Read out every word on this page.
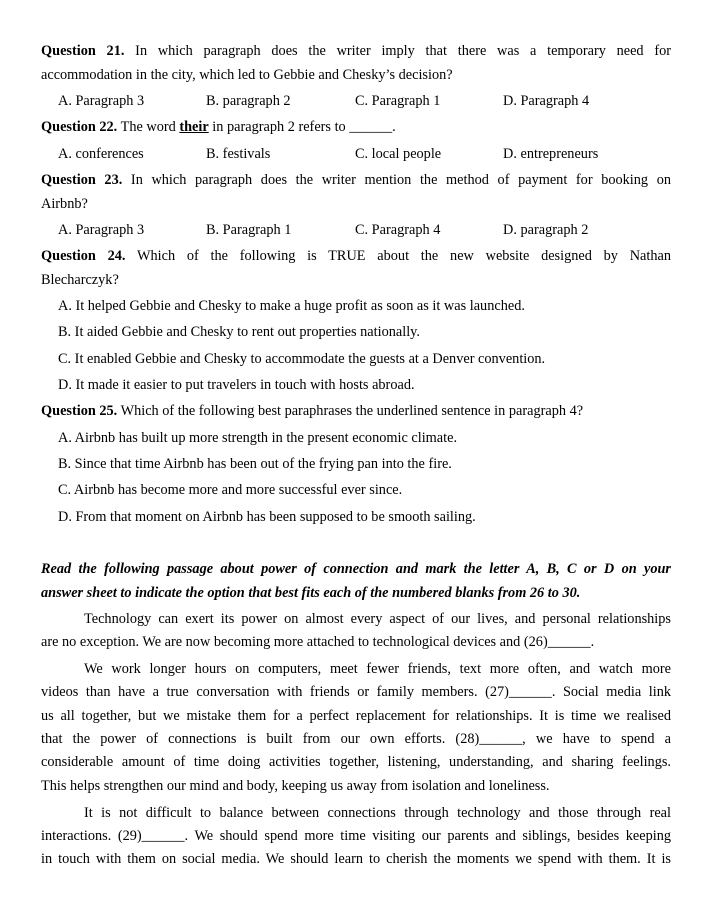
Question 21. In which paragraph does the writer imply that there was a temporary need for
accommodation in the city, which led to Gebbie and Chesky’s decision?
A. Paragraph 3	B. paragraph 2	C. Paragraph 1	D. Paragraph 4
Question 22. The word their in paragraph 2 refers to ______.
A. conferences	B. festivals	C. local people	D. entrepreneurs
Question 23. In which paragraph does the writer mention the method of payment for booking on
Airbnb?
A. Paragraph 3	B. Paragraph 1	C. Paragraph 4	D. paragraph 2
Question 24. Which of the following is TRUE about the new website designed by Nathan
Blecharczyk?
A. It helped Gebbie and Chesky to make a huge profit as soon as it was launched.
B. It aided Gebbie and Chesky to rent out properties nationally.
C. It enabled Gebbie and Chesky to accommodate the guests at a Denver convention.
D. It made it easier to put travelers in touch with hosts abroad.
Question 25. Which of the following best paraphrases the underlined sentence in paragraph 4?
A. Airbnb has built up more strength in the present economic climate.
B. Since that time Airbnb has been out of the frying pan into the fire.
C. Airbnb has become more and more successful ever since.
D. From that moment on Airbnb has been supposed to be smooth sailing.
Read the following passage about power of connection and mark the letter A, B, C or D on your
answer sheet to indicate the option that best fits each of the numbered blanks from 26 to 30.
Technology can exert its power on almost every aspect of our lives, and personal relationships
are no exception. We are now becoming more attached to technological devices and (26)______.
We work longer hours on computers, meet fewer friends, text more often, and watch more
videos than have a true conversation with friends or family members. (27)______. Social media link
us all together, but we mistake them for a perfect replacement for relationships. It is time we realised
that the power of connections is built from our own efforts. (28)______, we have to spend a
considerable amount of time doing activities together, listening, understanding, and sharing feelings.
This helps strengthen our mind and body, keeping us away from isolation and loneliness.
It is not difficult to balance between connections through technology and those through real
interactions. (29)______. We should spend more time visiting our parents and siblings, besides keeping
in touch with them on social media. We should learn to cherish the moments we spend with them. It is
